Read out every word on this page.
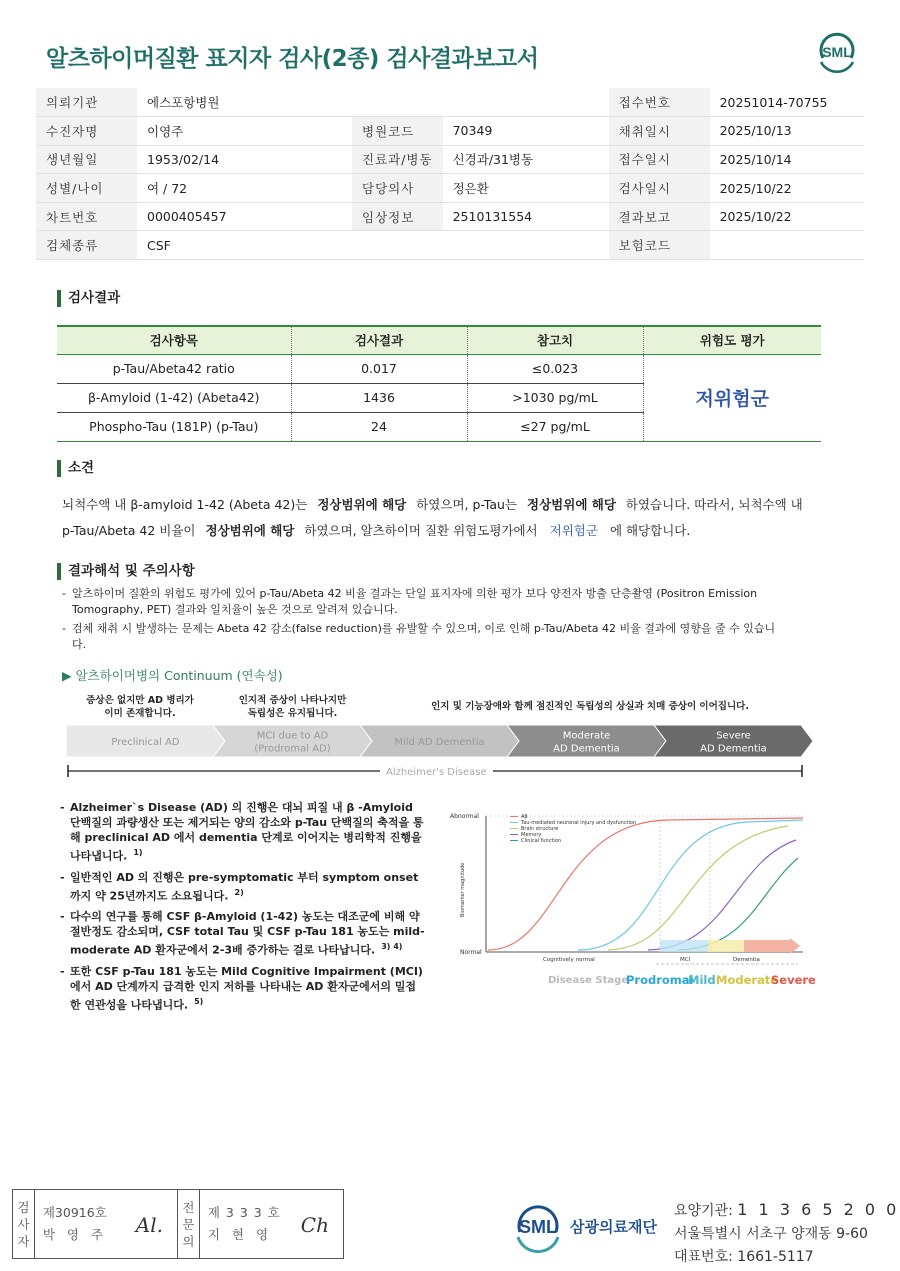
알츠하이머질환 표지자 검사(2종) 검사결과보고서	SML
의뢰기관	에스포항병원			접수번호	20251014-70755
수진자명	이영주	병원코드	70349	채취일시	2025/10/13
생년월일	1953/02/14	진료과/병동	신경과/31병동	접수일시	2025/10/14
성별/나이	여 / 72	담당의사	정은환	검사일시	2025/10/22
차트번호	0000405457	임상정보	2510131554	결과보고	2025/10/22
검체종류	CSF			보험코드	
검사결과
검사항목	검사결과	참고치	위험도 평가
p-Tau/Abeta42 ratio	0.017	≤0.023	저위험군
β-Amyloid (1-42) (Abeta42)	1436	>1030 pg/mL	
Phospho-Tau (181P) (p-Tau)	24	≤27 pg/mL	
소견
뇌척수액 내 β-amyloid 1-42 (Abeta 42)는 정상범위에 해당 하였으며, p-Tau는 정상범위에 해당 하였습니다. 따라서, 뇌척수액 내
p-Tau/Abeta 42 비율이 정상범위에 해당 하였으며, 알츠하이머 질환 위험도평가에서 저위험군 에 해당합니다.
결과해석 및 주의사항
- 알츠하이머 질환의 위험도 평가에 있어 p-Tau/Abeta 42 비율 결과는 단일 표지자에 의한 평가 보다 양전자 방출 단층촬영 (Positron Emission Tomography, PET) 결과와 일치율이 높은 것으로 알려져 있습니다.
- 검체 채취 시 발생하는 문제는 Abeta 42 감소(false reduction)를 유발할 수 있으며, 이로 인해 p-Tau/Abeta 42 비율 결과에 영향을 줄 수 있습니다.
▶ 알츠하이머병의 Continuum (연속성)
증상은 없지만 AD 병리가
이미 존재합니다.
인지적 증상이 나타나지만
독립성은 유지됩니다.
인지 및 기능장애와 함께 점진적인 독립성의 상실과 치매 증상이 이어집니다.
Preclinical AD
MCI due to AD
(Prodromal AD)
Mild AD Dementia
Moderate
AD Dementia
Severe
AD Dementia
Alzheimer's Disease
- Alzheimer`s Disease (AD) 의 진행은 대뇌 피질 내 β -Amyloid 단백질의 과량생산 또는 제거되는 양의 감소와 p-Tau 단백질의 축적을 통해 preclinical AD 에서 dementia 단계로 이어지는 병리학적 진행을 나타냅니다. $^{1)}$
- 일반적인 AD 의 진행은 pre-symptomatic 부터 symptom onset 까지 약 25년까지도 소요됩니다. $^{2)}$
- 다수의 연구를 통해 CSF β-Amyloid (1-42) 농도는 대조군에 비해 약 절반정도 감소되며, CSF total Tau 및 CSF p-Tau 181 농도는 mild-moderate AD 환자군에서 2-3배 증가하는 걸로 나타납니다. $^{3) 4)}$
- 또한 CSF p-Tau 181 농도는 Mild Cognitive Impairment (MCI) 에서 AD 단계까지 급격한 인지 저하를 나타내는 AD 환자군에서의 밀접한 연관성을 나타냅니다. $^{5)}$
Abnormal
Normal
Biomarker magnitude
Aβ
Tau-mediated neuronal injury and dysfunction
Brain structure
Memory
Clinical function
Cognitively normal	MCI	Dementia
Disease Stage
Prodromal
Mild Moderate
Severe
검
사
자
제30916호
박 영 주	Al.
전
문
의
제 3 3 3 호
지 현 영	Ch	SML 삼광의료재단
요양기관: 1 1 3 6 5 2 0 0
서울특별시 서초구 양재동 9-60
대표번호: 1661-5117
